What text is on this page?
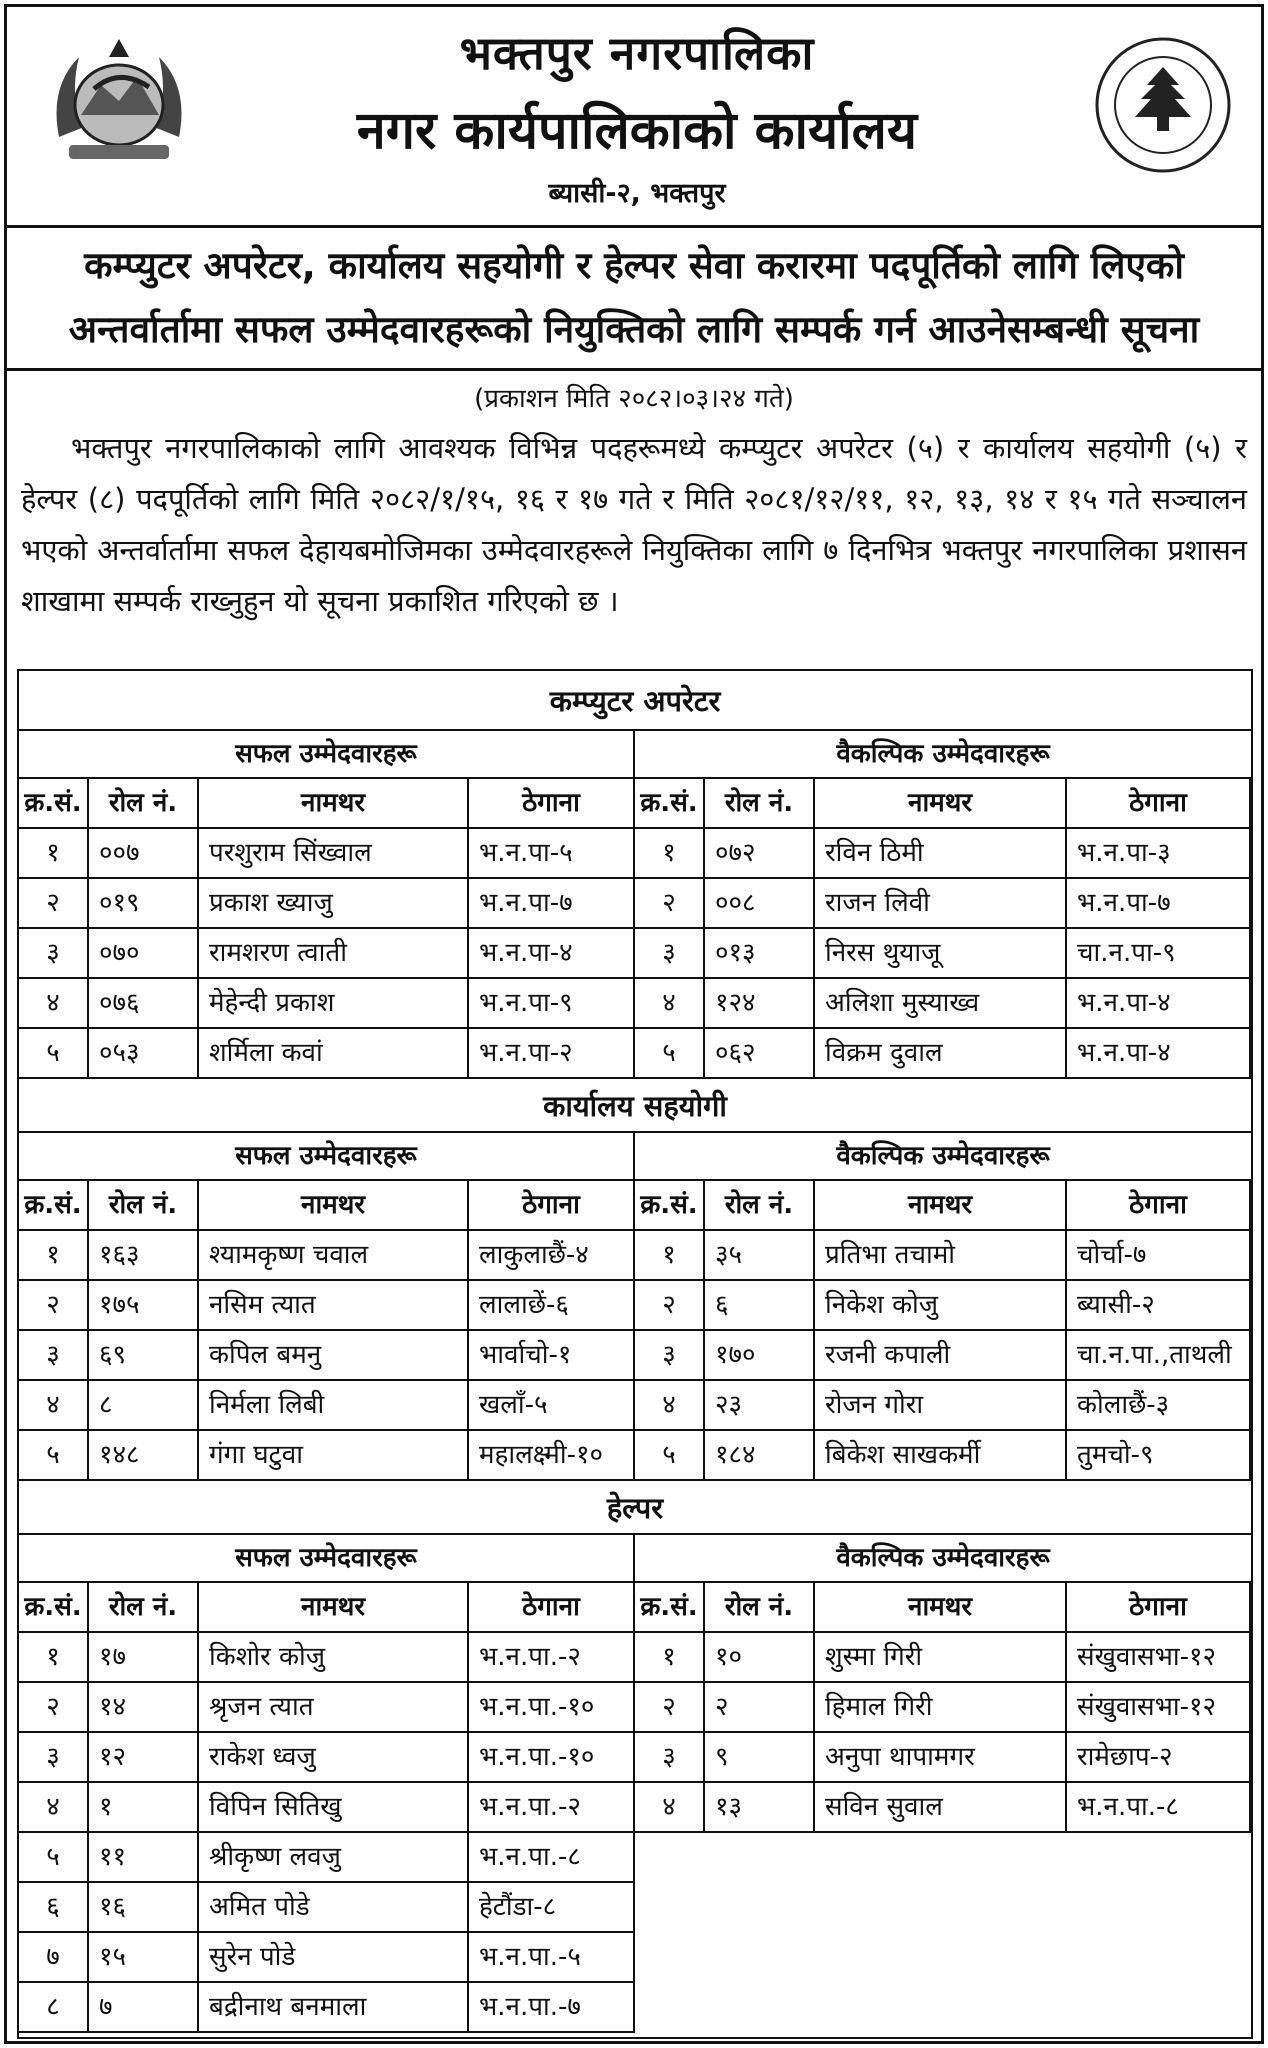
भक्तपुर नगरपालिका
नगर कार्यपालिकाको कार्यालय
ब्यासी-२, भक्तपुर
कम्प्युटर अपरेटर, कार्यालय सहयोगी र हेल्पर सेवा करारमा पदपूर्तिको लागि लिएको
अन्तर्वार्तामा सफल उम्मेदवारहरूको नियुक्तिको लागि सम्पर्क गर्न आउनेसम्बन्धी सूचना
(प्रकाशन मिति २०८२।०३।२४ गते)
भक्तपुर नगरपालिकाको लागि आवश्यक विभिन्न पदहरूमध्ये कम्प्युटर अपरेटर (५) र कार्यालय सहयोगी (५) र हेल्पर (८) पदपूर्तिको लागि मिति २०८२/१/१५, १६ र १७ गते र मिति २०८१/१२/११, १२, १३, १४ र १५ गते सञ्चालन भएको अन्तर्वार्तामा सफल देहायबमोजिमका उम्मेदवारहरूले नियुक्तिका लागि ७ दिनभित्र भक्तपुर नगरपालिका प्रशासन शाखामा सम्पर्क राख्नुहुन यो सूचना प्रकाशित गरिएको छ ।
कम्प्युटर अपरेटर
सफल उम्मेदवारहरू	वैकल्पिक उम्मेदवारहरू
क्र.सं.	रोल नं.	नामथर	ठेगाना	क्र.सं.	रोल नं.	नामथर	ठेगाना
१	००७	परशुराम सिंख्वाल	भ.न.पा-५	१	०७२	रविन ठिमी	भ.न.पा-३
२	०१९	प्रकाश ख्याजु	भ.न.पा-७	२	००८	राजन लिवी	भ.न.पा-७
३	०७०	रामशरण त्वाती	भ.न.पा-४	३	०१३	निरस थुयाजू	चा.न.पा-९
४	०७६	मेहेन्दी प्रकाश	भ.न.पा-९	४	१२४	अलिशा मुस्याख्व	भ.न.पा-४
५	०५३	शर्मिला कवां	भ.न.पा-२	५	०६२	विक्रम दुवाल	भ.न.पा-४
कार्यालय सहयोगी
सफल उम्मेदवारहरू	वैकल्पिक उम्मेदवारहरू
क्र.सं.	रोल नं.	नामथर	ठेगाना	क्र.सं.	रोल नं.	नामथर	ठेगाना
१	१६३	श्यामकृष्ण चवाल	लाकुलाछैं-४	१	३५	प्रतिभा तचामो	चोर्चा-७
२	१७५	नसिम त्यात	लालाछें-६	२	६	निकेश कोजु	ब्यासी-२
३	६९	कपिल बमनु	भार्वाचो-१	३	१७०	रजनी कपाली	चा.न.पा.,ताथली
४	८	निर्मला लिबी	खलाँ-५	४	२३	रोजन गोरा	कोलाछैं-३
५	१४८	गंगा घटुवा	महालक्ष्मी-१०	५	१८४	बिकेश साखकर्मी	तुमचो-९
हेल्पर
सफल उम्मेदवारहरू	वैकल्पिक उम्मेदवारहरू
क्र.सं.	रोल नं.	नामथर	ठेगाना	क्र.सं.	रोल नं.	नामथर	ठेगाना
१	१७	किशोर कोजु	भ.न.पा.-२	१	१०	शुस्मा गिरी	संखुवासभा-१२
२	१४	श्रृजन त्यात	भ.न.पा.-१०	२	२	हिमाल गिरी	संखुवासभा-१२
३	१२	राकेश ध्वजु	भ.न.पा.-१०	३	९	अनुपा थापामगर	रामेछाप-२
४	१	विपिन सितिखु	भ.न.पा.-२	४	१३	सविन सुवाल	भ.न.पा.-८
५	११	श्रीकृष्ण लवजु	भ.न.पा.-८
६	१६	अमित पोडे	हेटौंडा-८
७	१५	सुरेन पोडे	भ.न.पा.-५
८	७	बद्रीनाथ बनमाला	भ.न.पा.-७
